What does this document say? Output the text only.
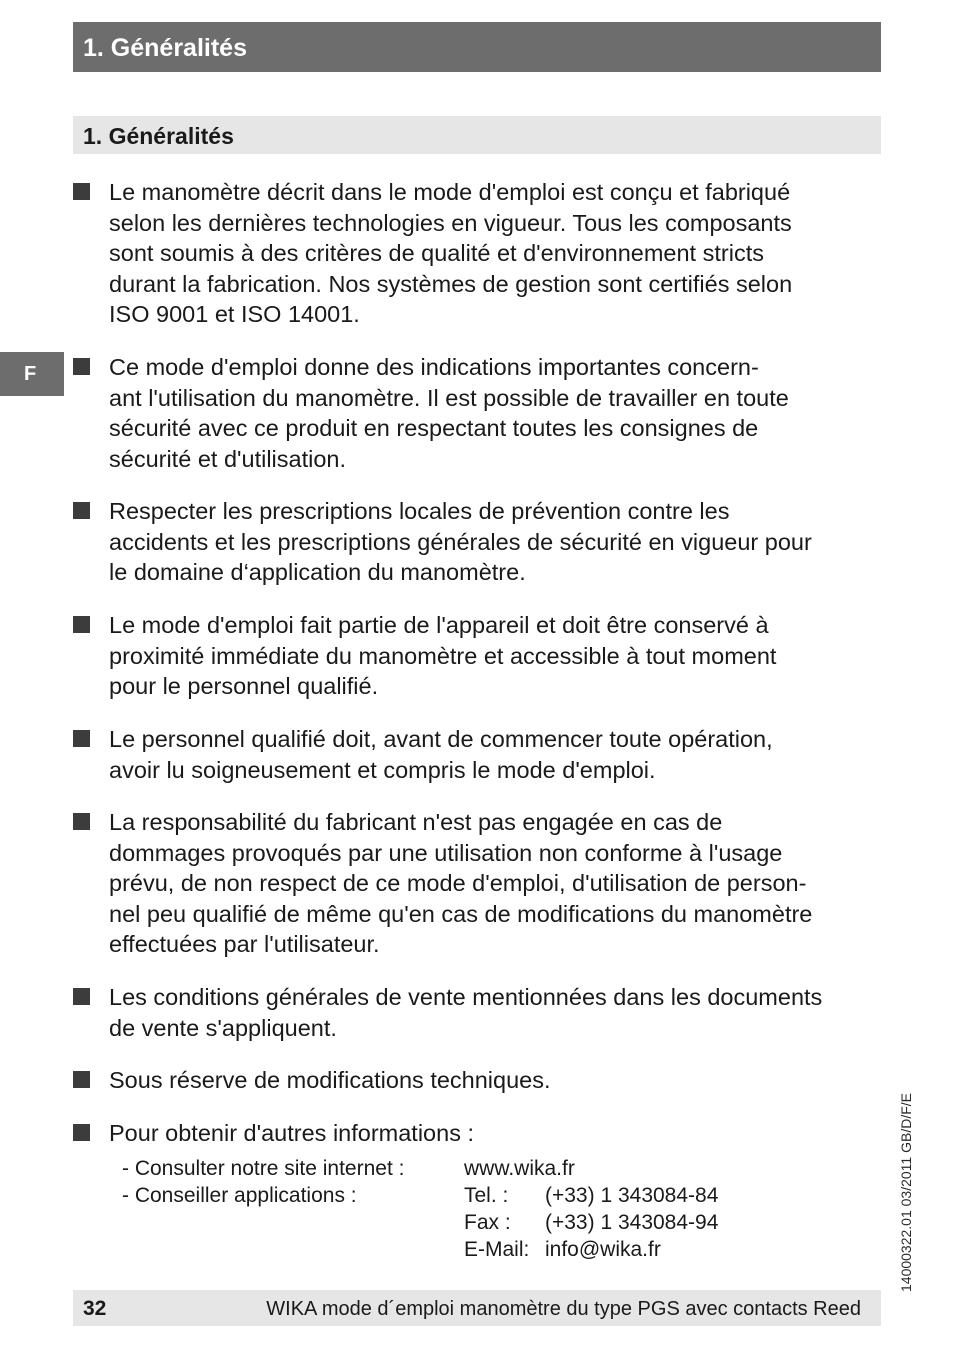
1. Généralités
1. Généralités
F
Le manomètre décrit dans le mode d'emploi est conçu et fabriqué
selon les dernières technologies en vigueur. Tous les composants
sont soumis à des critères de qualité et d'environnement stricts
durant la fabrication. Nos systèmes de gestion sont certifiés selon
ISO 9001 et ISO 14001.
Ce mode d'emploi donne des indications importantes concern-
ant l'utilisation du manomètre. Il est possible de travailler en toute
sécurité avec ce produit en respectant toutes les consignes de
sécurité et d'utilisation.
Respecter les prescriptions locales de prévention contre les
accidents et les prescriptions générales de sécurité en vigueur pour
le domaine d‘application du manomètre.
Le mode d'emploi fait partie de l'appareil et doit être conservé à
proximité immédiate du manomètre et accessible à tout moment
pour le personnel qualifié.
Le personnel qualifié doit, avant de commencer toute opération,
avoir lu soigneusement et compris le mode d'emploi.
La responsabilité du fabricant n'est pas engagée en cas de
dommages provoqués par une utilisation non conforme à l'usage
prévu, de non respect de ce mode d'emploi, d'utilisation de person-
nel peu qualifié de même qu'en cas de modifications du manomètre
effectuées par l'utilisateur.
Les conditions générales de vente mentionnées dans les documents
de vente s'appliquent.
Sous réserve de modifications techniques.
Pour obtenir d'autres informations :
- Consulter notre site internet :	www.wika.fr
- Conseiller applications :	Tel. : (+33) 1 343084-84
Fax : (+33) 1 343084-94
E-Mail: info@wika.fr	14000322.01 03/2011 GB/D/F/E
32	WIKA mode d´emploi manomètre du type PGS avec contacts Reed
